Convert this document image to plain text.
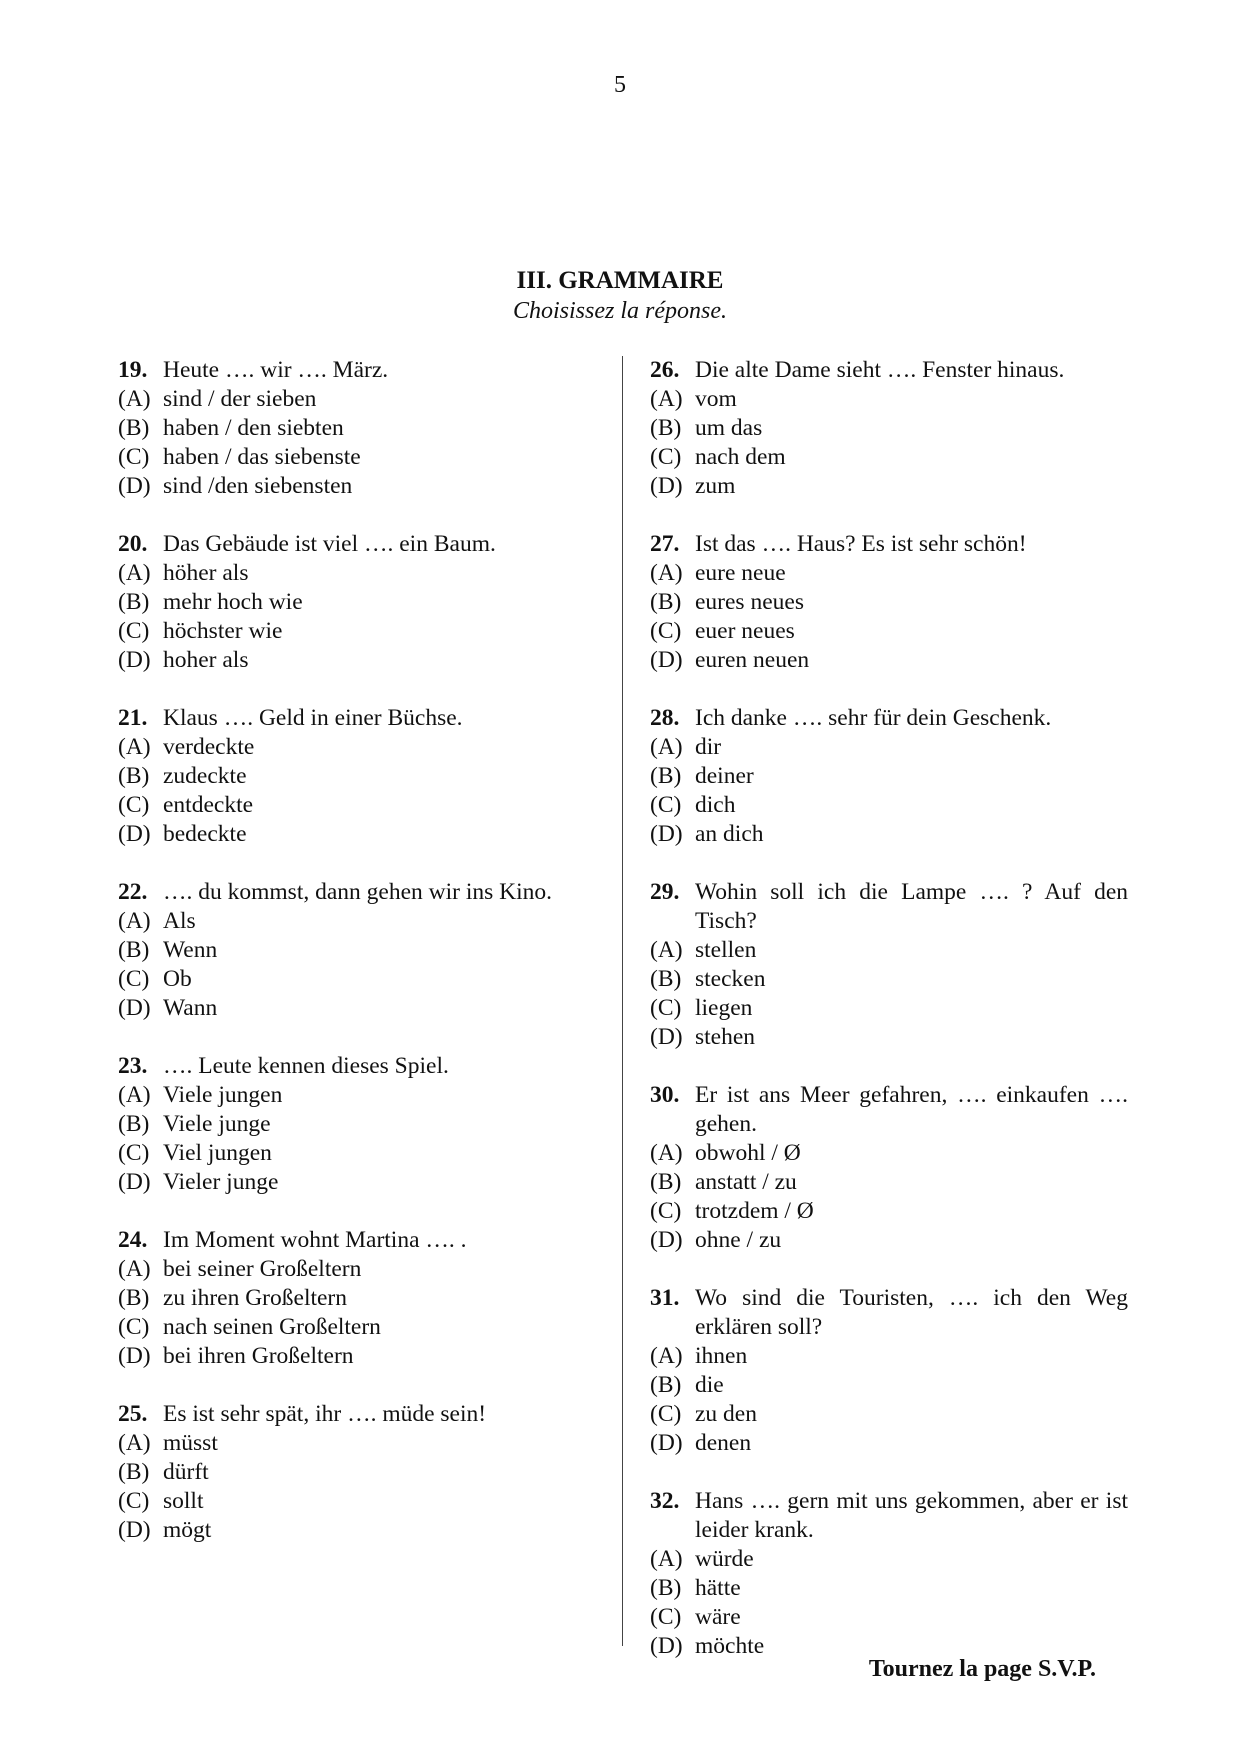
5
III. GRAMMAIRE
Choisissez la réponse.
19. Heute …. wir …. März.
(A) sind / der sieben
(B) haben / den siebten
(C) haben / das siebenste
(D) sind /den siebensten
20. Das Gebäude ist viel …. ein Baum.
(A) höher als
(B) mehr hoch wie
(C) höchster wie
(D) hoher als
21. Klaus …. Geld in einer Büchse.
(A) verdeckte
(B) zudeckte
(C) entdeckte
(D) bedeckte
22. …. du kommst, dann gehen wir ins Kino.
(A) Als
(B) Wenn
(C) Ob
(D) Wann
23. …. Leute kennen dieses Spiel.
(A) Viele jungen
(B) Viele junge
(C) Viel jungen
(D) Vieler junge
24. Im Moment wohnt Martina …. .
(A) bei seiner Großeltern
(B) zu ihren Großeltern
(C) nach seinen Großeltern
(D) bei ihren Großeltern
25. Es ist sehr spät, ihr …. müde sein!
(A) müsst
(B) dürft
(C) sollt
(D) mögt
26. Die alte Dame sieht …. Fenster hinaus.
(A) vom
(B) um das
(C) nach dem
(D) zum
27. Ist das …. Haus? Es ist sehr schön!
(A) eure neue
(B) eures neues
(C) euer neues
(D) euren neuen
28. Ich danke …. sehr für dein Geschenk.
(A) dir
(B) deiner
(C) dich
(D) an dich
29. Wohin soll ich die Lampe …. ? Auf den Tisch?
(A) stellen
(B) stecken
(C) liegen
(D) stehen
30. Er ist ans Meer gefahren, …. einkaufen …. gehen.
(A) obwohl / Ø
(B) anstatt / zu
(C) trotzdem / Ø
(D) ohne / zu
31. Wo sind die Touristen, …. ich den Weg erklären soll?
(A) ihnen
(B) die
(C) zu den
(D) denen
32. Hans …. gern mit uns gekommen, aber er ist leider krank.
(A) würde
(B) hätte
(C) wäre
(D) möchte
Tournez la page S.V.P.
